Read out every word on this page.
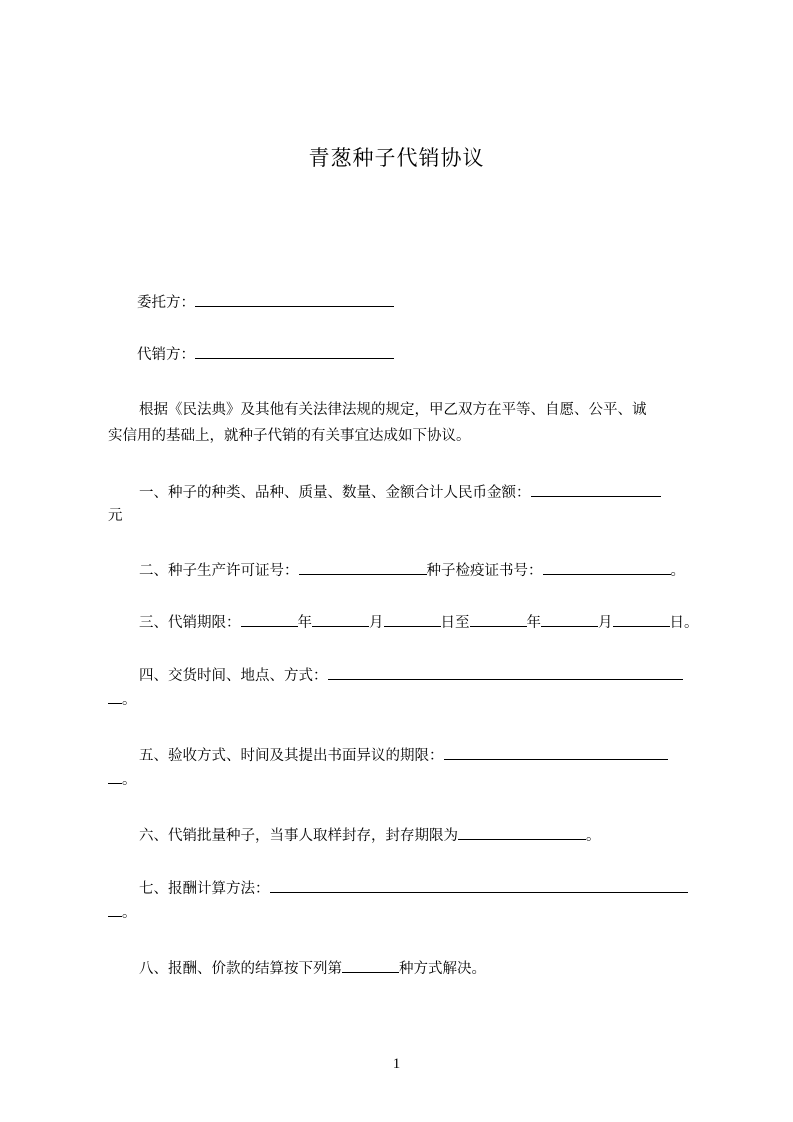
青葱种子代销协议
委托方：
代销方：
根据《民法典》及其他有关法律法规的规定，甲乙双方在平等、自愿、公平、诚
实信用的基础上，就种子代销的有关事宜达成如下协议。
一、种子的种类、品种、质量、数量、金额合计人民币金额：
元
二、种子生产许可证号：	种子检疫证书号：	。
三、代销期限：	年	月	日至	年	月	日。
四、交货时间、地点、方式：
。
五、验收方式、时间及其提出书面异议的期限：
。
六、代销批量种子，当事人取样封存，封存期限为	。
七、报酬计算方法：
。
八、报酬、价款的结算按下列第	种方式解决。
1
